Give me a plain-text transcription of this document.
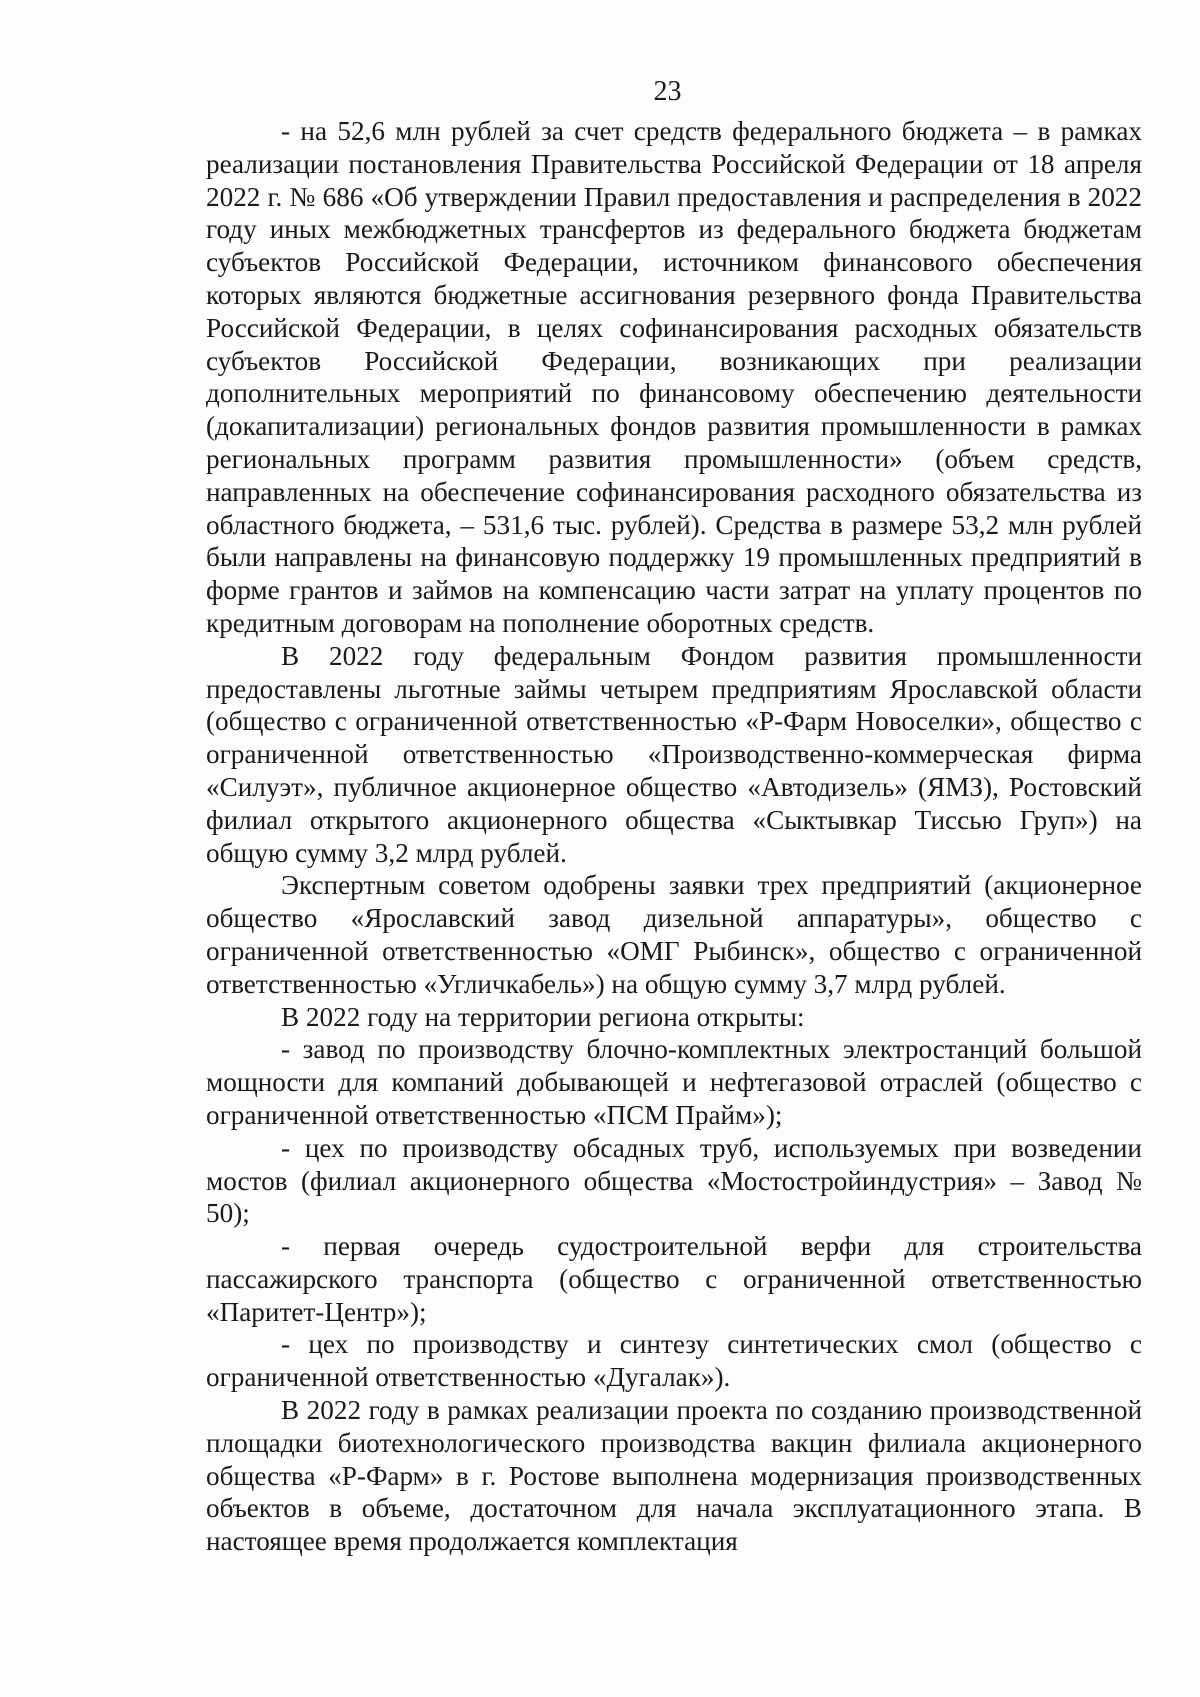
23

- на 52,6 млн рублей за счет средств федерального бюджета – в рамках реализации постановления Правительства Российской Федерации от 18 апреля 2022 г. № 686 «Об утверждении Правил предоставления и распределения в 2022 году иных межбюджетных трансфертов из федерального бюджета бюджетам субъектов Российской Федерации, источником финансового обеспечения которых являются бюджетные ассигнования резервного фонда Правительства Российской Федерации, в целях софинансирования расходных обязательств субъектов Российской Федерации, возникающих при реализации дополнительных мероприятий по финансовому обеспечению деятельности (докапитализации) региональных фондов развития промышленности в рамках региональных программ развития промышленности» (объем средств, направленных на обеспечение софинансирования расходного обязательства из областного бюджета, – 531,6 тыс. рублей). Средства в размере 53,2 млн рублей были направлены на финансовую поддержку 19 промышленных предприятий в форме грантов и займов на компенсацию части затрат на уплату процентов по кредитным договорам на пополнение оборотных средств.

В 2022 году федеральным Фондом развития промышленности предоставлены льготные займы четырем предприятиям Ярославской области (общество с ограниченной ответственностью «Р-Фарм Новоселки», общество с ограниченной ответственностью «Производственно-коммерческая фирма «Силуэт», публичное акционерное общество «Автодизель» (ЯМЗ), Ростовский филиал открытого акционерного общества «Сыктывкар Тиссью Груп») на общую сумму 3,2 млрд рублей.

Экспертным советом одобрены заявки трех предприятий (акционерное общество «Ярославский завод дизельной аппаратуры», общество с ограниченной ответственностью «ОМГ Рыбинск», общество с ограниченной ответственностью «Угличкабель») на общую сумму 3,7 млрд рублей.

В 2022 году на территории региона открыты:

- завод по производству блочно-комплектных электростанций большой мощности для компаний добывающей и нефтегазовой отраслей (общество с ограниченной ответственностью «ПСМ Прайм»);

- цех по производству обсадных труб, используемых при возведении мостов (филиал акционерного общества «Мостостройиндустрия» – Завод № 50);

- первая очередь судостроительной верфи для строительства пассажирского транспорта (общество с ограниченной ответственностью «Паритет-Центр»);

- цех по производству и синтезу синтетических смол (общество с ограниченной ответственностью «Дугалак»).

В 2022 году в рамках реализации проекта по созданию производственной площадки биотехнологического производства вакцин филиала акционерного общества «Р-Фарм» в г. Ростове выполнена модернизация производственных объектов в объеме, достаточном для начала эксплуатационного этапа. В настоящее время продолжается комплектация
